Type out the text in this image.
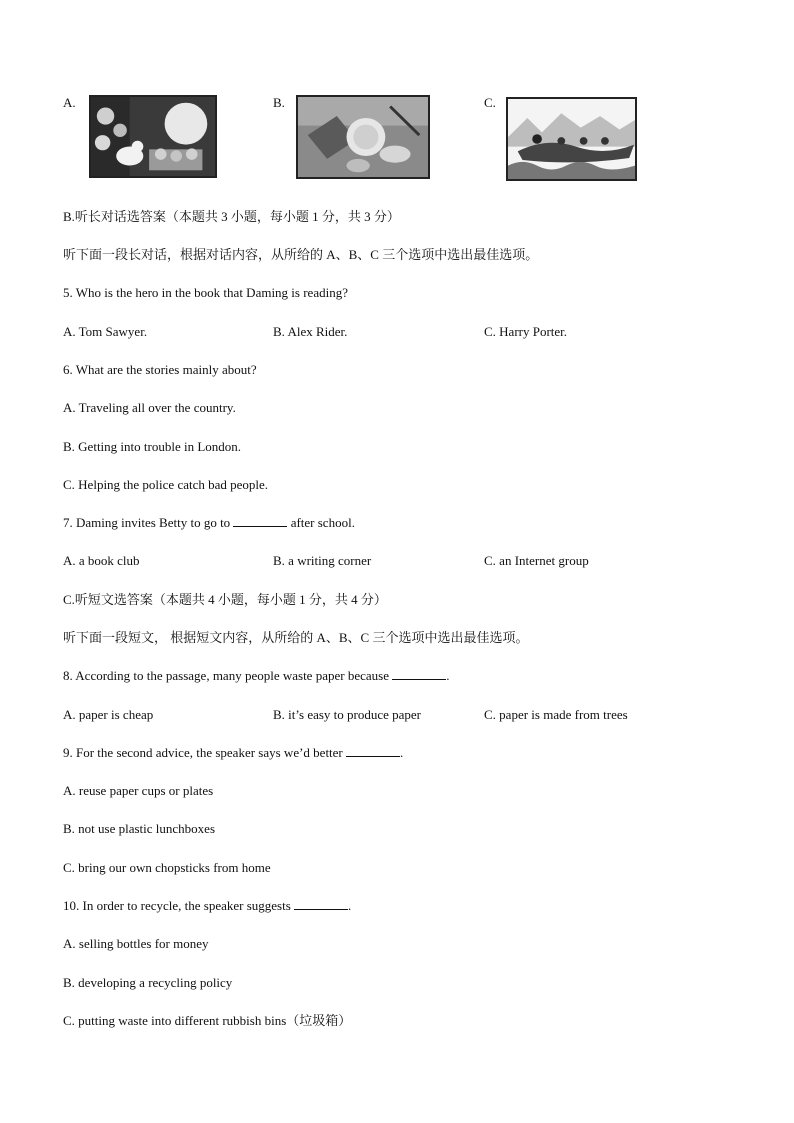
A.	B.	C.
B.听长对话选答案（本题共 3 小题，每小题 1 分，共 3 分）
听下面一段长对话，根据对话内容，从所给的 A、B、C 三个选项中选出最佳选项。
5. Who is the hero in the book that Daming is reading?
A. Tom Sawyer.	B. Alex Rider.	C. Harry Porter.
6. What are the stories mainly about?
A. Traveling all over the country.
B. Getting into trouble in London.
C. Helping the police catch bad people.
7. Daming invites Betty to go to	after school.
A. a book club	B. a writing corner	C. an Internet group
C.听短文选答案（本题共 4 小题，每小题 1 分，共 4 分）
听下面一段短文， 根据短文内容，从所给的 A、B、C 三个选项中选出最佳选项。
8. According to the passage, many people waste paper because	.
A. paper is cheap	B. it’s easy to produce paper	C. paper is made from trees
9. For the second advice, the speaker says we’d better	.
A. reuse paper cups or plates
B. not use plastic lunchboxes
C. bring our own chopsticks from home
10. In order to recycle, the speaker suggests	.
A. selling bottles for money
B. developing a recycling policy
C. putting waste into different rubbish bins（垃圾箱）
